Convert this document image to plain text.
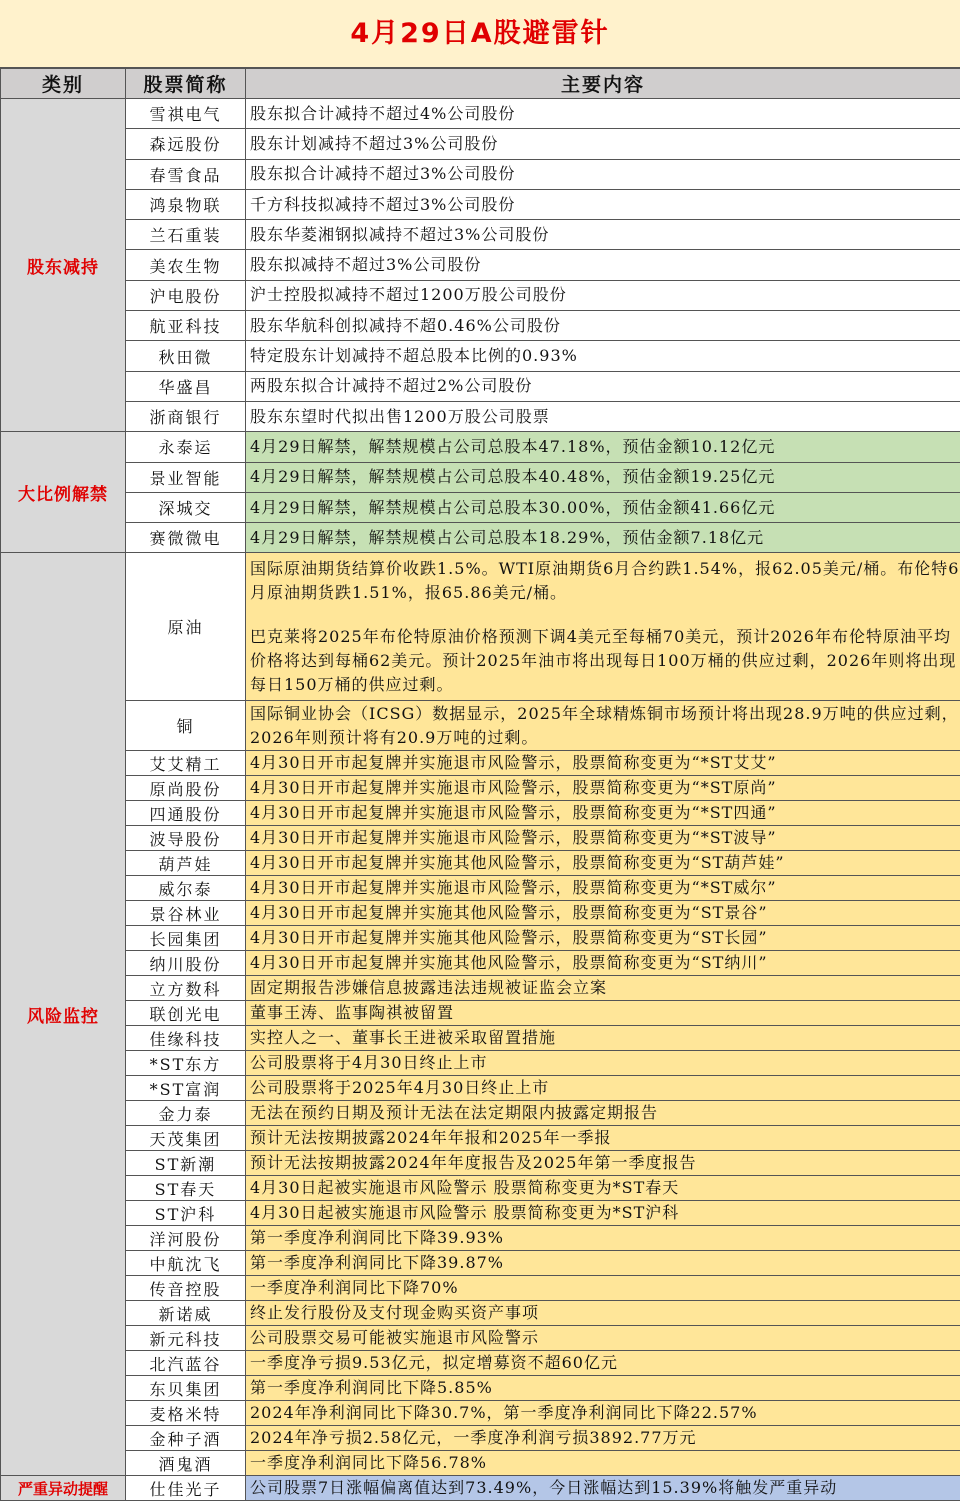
4月29日A股避雷针
类别	股票简称	主要内容
股东减持	雪祺电气	股东拟合计减持不超过4%公司股份
	森远股份	股东计划减持不超过3%公司股份
	春雪食品	股东拟合计减持不超过3%公司股份
	鸿泉物联	千方科技拟减持不超过3%公司股份
	兰石重装	股东华菱湘钢拟减持不超过3%公司股份
	美农生物	股东拟减持不超过3%公司股份
	沪电股份	沪士控股拟减持不超过1200万股公司股份
	航亚科技	股东华航科创拟减持不超0.46%公司股份
	秋田微	特定股东计划减持不超总股本比例的0.93%
	华盛昌	两股东拟合计减持不超过2%公司股份
	浙商银行	股东东望时代拟出售1200万股公司股票
大比例解禁	永泰运	4月29日解禁，解禁规模占公司总股本47.18%，预估金额10.12亿元
	景业智能	4月29日解禁，解禁规模占公司总股本40.48%，预估金额19.25亿元
	深城交	4月29日解禁，解禁规模占公司总股本30.00%，预估金额41.66亿元
	赛微微电	4月29日解禁，解禁规模占公司总股本18.29%，预估金额7.18亿元
风险监控	原油	国际原油期货结算价收跌1.5%。WTI原油期货6月合约跌1.54%，报62.05美元/桶。布伦特6月原油期货跌1.51%，报65.86美元/桶。

巴克莱将2025年布伦特原油价格预测下调4美元至每桶70美元，预计2026年布伦特原油平均价格将达到每桶62美元。预计2025年油市将出现每日100万桶的供应过剩，2026年则将出现每日150万桶的供应过剩。

	铜	国际铜业协会（ICSG）数据显示，2025年全球精炼铜市场预计将出现28.9万吨的供应过剩，2026年则预计将有20.9万吨的过剩。
	艾艾精工	4月30日开市起复牌并实施退市风险警示，股票简称变更为“*ST艾艾”
	原尚股份	4月30日开市起复牌并实施退市风险警示，股票简称变更为“*ST原尚”
	四通股份	4月30日开市起复牌并实施退市风险警示，股票简称变更为“*ST四通”
	波导股份	4月30日开市起复牌并实施退市风险警示，股票简称变更为“*ST波导”
	葫芦娃	4月30日开市起复牌并实施其他风险警示，股票简称变更为“ST葫芦娃”
	威尔泰	4月30日开市起复牌并实施退市风险警示，股票简称变更为“*ST威尔”
	景谷林业	4月30日开市起复牌并实施其他风险警示，股票简称变更为“ST景谷”
	长园集团	4月30日开市起复牌并实施其他风险警示，股票简称变更为“ST长园”
	纳川股份	4月30日开市起复牌并实施其他风险警示，股票简称变更为“ST纳川”
	立方数科	固定期报告涉嫌信息披露违法违规被证监会立案
	联创光电	董事王涛、监事陶祺被留置
	佳缘科技	实控人之一、董事长王进被采取留置措施
	*ST东方	公司股票将于4月30日终止上市
	*ST富润	公司股票将于2025年4月30日终止上市
	金力泰	无法在预约日期及预计无法在法定期限内披露定期报告
	天茂集团	预计无法按期披露2024年年报和2025年一季报
	ST新潮	预计无法按期披露2024年年度报告及2025年第一季度报告
	ST春天	4月30日起被实施退市风险警示 股票简称变更为*ST春天
	ST沪科	4月30日起被实施退市风险警示 股票简称变更为*ST沪科
	洋河股份	第一季度净利润同比下降39.93%
	中航沈飞	第一季度净利润同比下降39.87%
	传音控股	一季度净利润同比下降70%
	新诺威	终止发行股份及支付现金购买资产事项
	新元科技	公司股票交易可能被实施退市风险警示
	北汽蓝谷	一季度净亏损9.53亿元，拟定增募资不超60亿元
	东贝集团	第一季度净利润同比下降5.85%
	麦格米特	2024年净利润同比下降30.7%，第一季度净利润同比下降22.57%
	金种子酒	2024年净亏损2.58亿元，一季度净利润亏损3892.77万元
	酒鬼酒	一季度净利润同比下降56.78%
严重异动提醒	仕佳光子	公司股票7日涨幅偏离值达到73.49%，今日涨幅达到15.39%将触发严重异动
